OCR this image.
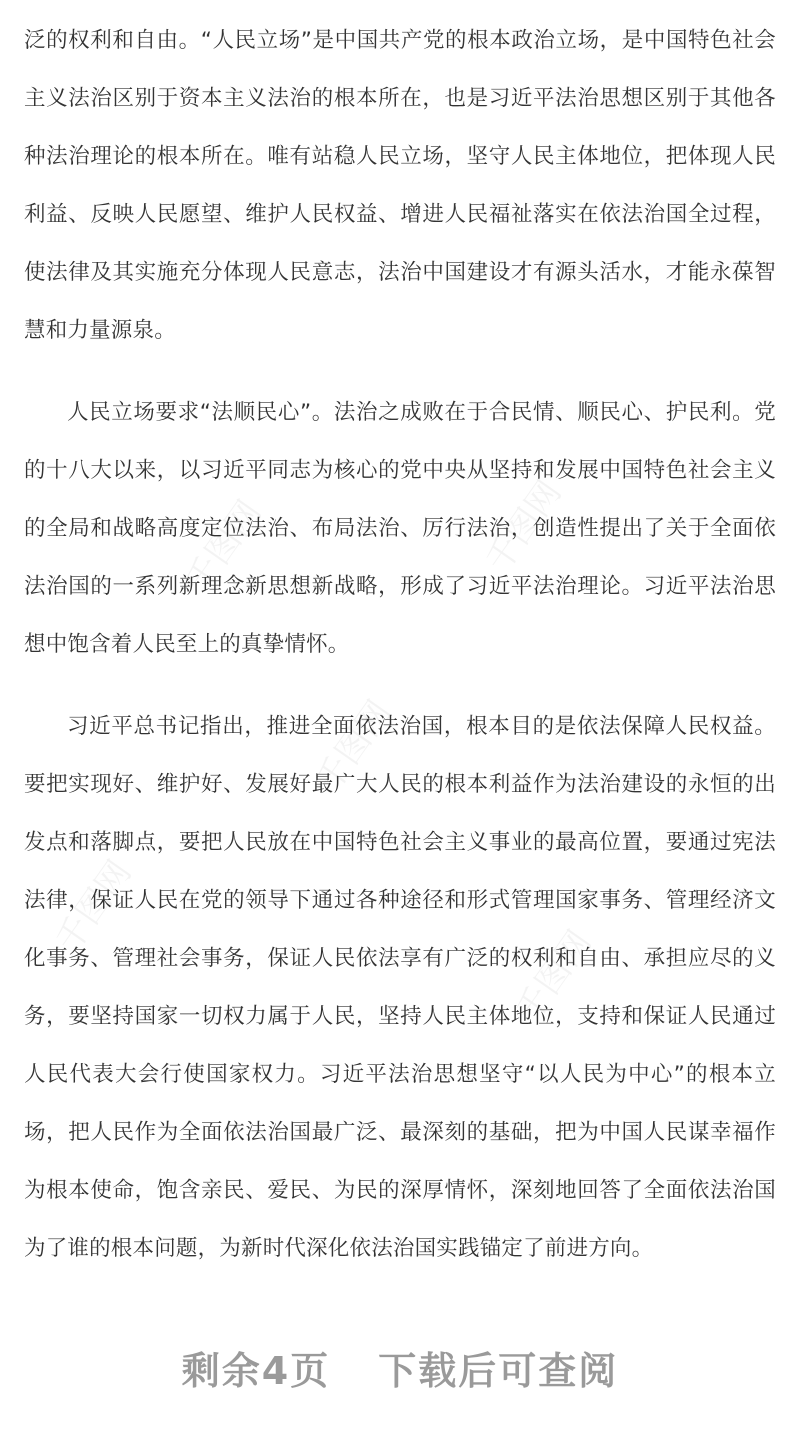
泛的权利和自由。“人民立场”是中国共产党的根本政治立场，是中国特色社会主义法治区别于资本主义法治的根本所在，也是习近平法治思想区别于其他各种法治理论的根本所在。唯有站稳人民立场，坚守人民主体地位，把体现人民利益、反映人民愿望、维护人民权益、增进人民福祉落实在依法治国全过程，使法律及其实施充分体现人民意志，法治中国建设才有源头活水，才能永葆智慧和力量源泉。

人民立场要求“法顺民心”。法治之成败在于合民情、顺民心、护民利。党的十八大以来，以习近平同志为核心的党中央从坚持和发展中国特色社会主义的全局和战略高度定位法治、布局法治、厉行法治，创造性提出了关于全面依法治国的一系列新理念新思想新战略，形成了习近平法治理论。习近平法治思想中饱含着人民至上的真挚情怀。

习近平总书记指出，推进全面依法治国，根本目的是依法保障人民权益。要把实现好、维护好、发展好最广大人民的根本利益作为法治建设的永恒的出发点和落脚点，要把人民放在中国特色社会主义事业的最高位置，要通过宪法法律，保证人民在党的领导下通过各种途径和形式管理国家事务、管理经济文化事务、管理社会事务，保证人民依法享有广泛的权利和自由、承担应尽的义务，要坚持国家一切权力属于人民，坚持人民主体地位，支持和保证人民通过人民代表大会行使国家权力。习近平法治思想坚守“以人民为中心”的根本立场，把人民作为全面依法治国最广泛、最深刻的基础，把为中国人民谋幸福作为根本使命，饱含亲民、爱民、为民的深厚情怀，深刻地回答了全面依法治国为了谁的根本问题，为新时代深化依法治国实践锚定了前进方向。

剩余4页 下载后可查阅
